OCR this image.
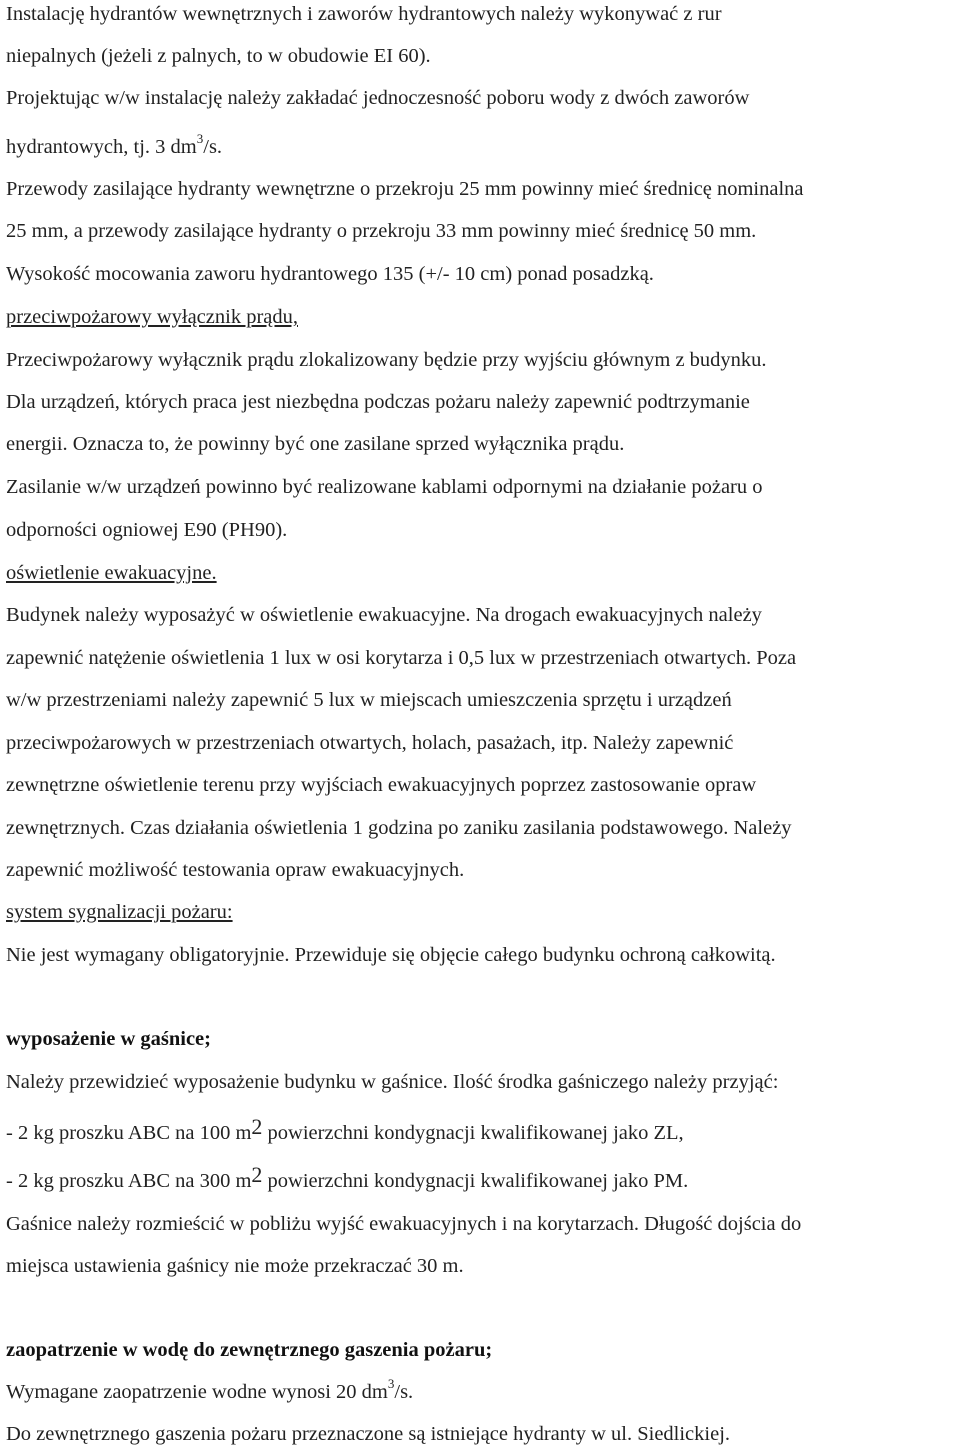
Instalację hydrantów wewnętrznych i zaworów hydrantowych należy wykonywać z rur
niepalnych (jeżeli z palnych, to w obudowie EI 60).
Projektując w/w instalację należy zakładać jednoczesność poboru wody z dwóch zaworów
hydrantowych, tj. 3 $dm^3/s$.
Przewody zasilające hydranty wewnętrzne o przekroju 25 mm powinny mieć średnicę nominalna
25 mm, a przewody zasilające hydranty o przekroju 33 mm powinny mieć średnicę 50 mm.
Wysokość mocowania zaworu hydrantowego 135 (+/- 10 cm) ponad posadzką.
przeciwpożarowy wyłącznik prądu,
Przeciwpożarowy wyłącznik prądu zlokalizowany będzie przy wyjściu głównym z budynku.
Dla urządzeń, których praca jest niezbędna podczas pożaru należy zapewnić podtrzymanie
energii. Oznacza to, że powinny być one zasilane sprzed wyłącznika prądu.
Zasilanie w/w urządzeń powinno być realizowane kablami odpornymi na działanie pożaru o
odporności ogniowej E90 (PH90).
oświetlenie ewakuacyjne.
Budynek należy wyposażyć w oświetlenie ewakuacyjne. Na drogach ewakuacyjnych należy
zapewnić natężenie oświetlenia 1 lux w osi korytarza i 0,5 lux w przestrzeniach otwartych. Poza
w/w przestrzeniami należy zapewnić 5 lux w miejscach umieszczenia sprzętu i urządzeń
przeciwpożarowych w przestrzeniach otwartych, holach, pasażach, itp. Należy zapewnić
zewnętrzne oświetlenie terenu przy wyjściach ewakuacyjnych poprzez zastosowanie opraw
zewnętrznych. Czas działania oświetlenia 1 godzina po zaniku zasilania podstawowego. Należy
zapewnić możliwość testowania opraw ewakuacyjnych.
system sygnalizacji pożaru:
Nie jest wymagany obligatoryjnie. Przewiduje się objęcie całego budynku ochroną całkowitą.
wyposażenie w gaśnice;
Należy przewidzieć wyposażenie budynku w gaśnice. Ilość środka gaśniczego należy przyjąć:
- 2 kg proszku ABC na 100 m2 powierzchni kondygnacji kwalifikowanej jako ZL,
- 2 kg proszku ABC na 300 m2 powierzchni kondygnacji kwalifikowanej jako PM.
Gaśnice należy rozmieścić w pobliżu wyjść ewakuacyjnych i na korytarzach. Długość dojścia do
miejsca ustawienia gaśnicy nie może przekraczać 30 m.
zaopatrzenie w wodę do zewnętrznego gaszenia pożaru;
Wymagane zaopatrzenie wodne wynosi 20 $dm^3/s$.
Do zewnętrznego gaszenia pożaru przeznaczone są istniejące hydranty w ul. Siedlickiej.
